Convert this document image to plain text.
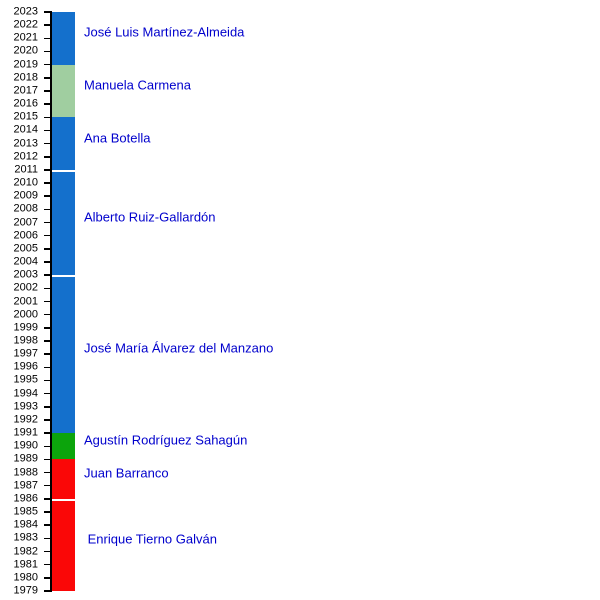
2023
2022
2021
2020
2019
2018
2017
2016
2015
2014
2013
2012
2011
2010
2009
2008
2007
2006
2005
2004
2003
2002
2001
2000
1999
1998
1997
1996
1995
1994
1993
1992
1991
1990
1989
1988
1987
1986
1985
1984
1983
1982
1981
1980
1979
José Luis Martínez-Almeida
Manuela Carmena
Ana Botella
Alberto Ruiz-Gallardón
José María Álvarez del Manzano
Agustín Rodríguez Sahagún
Juan Barranco
Enrique Tierno Galván
